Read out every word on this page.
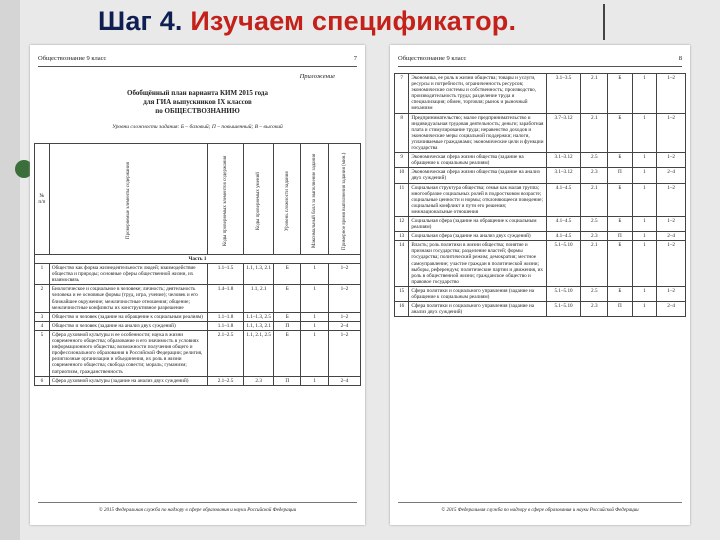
Шаг 4. Изучаем спецификатор.
Обществознание 9 класс	7
Приложение
Обобщённый план варианта КИМ 2015 года
для ГИА выпускников IX классов
по ОБЩЕСТВОЗНАНИЮ
Уровни сложности задания: Б – базовый; П – повышенный; В – высокий
№ п/п	Проверяемые элементы содержания	Коды проверяемых элементов содержания	Коды проверяемых умений	Уровень сложности задания	Максимальный балл за выполнение задания	Примерное время выполнения задания (мин.)

Часть 1						
1	Общество как форма жизнедеятельности людей; взаимодействие общества и природы; основные сферы общественной жизни, их взаимосвязь	1.1–1.5	1.1, 1.3, 2.1	Б	1	1–2
2	Биологическое и социальное в человеке; личность; деятельность человека и ее основные формы (труд, игра, учение); человек и его ближайшее окружение; межличностные отношения; общение; межличностные конфликты их конструктивное разрешение	1.4–1.8	1.1, 2.1	Б	1	1–2
3	Общество и человек (задание на обращение к социальным реалиям)	1.1–1.8	1.1–1.3, 2.5	Б	1	1–2
4	Общество и человек (задание на анализ двух суждений)	1.1–1.8	1.1, 1.3, 2.1	П	1	2–4
5	Сфера духовной культуры и ее особенности; наука в жизни современного общества; образование и его значимость в условиях информационного общества; возможности получения общего и профессионального образования в Российской Федерации; религия, религиозные организации и объединения, их роль в жизни современного общества; свобода совести; мораль; гуманизм; патриотизм, гражданственность	2.1–2.5	1.1, 2.1, 2.5	Б	1	1–2
6	Сфера духовной культуры (задание на анализ двух суждений)	2.1–2.5	2.3	П	1	2–4
© 2015 Федеральная служба по надзору в сфере образования и науки Российской Федерации
Обществознание 9 класс	8
7	Экономика, ее роль в жизни общества; товары и услуги, ресурсы и потребности, ограниченность ресурсов; экономические системы и собственность; производство, производительность труда; разделение труда и специализация; обмен, торговля; рынок и рыночный механизм	3.1–3.5	2.1	Б	1	1–2
8	Предпринимательство; малое предпринимательство и индивидуальная трудовая деятельность; деньги; заработная плата и стимулирование труда; неравенство доходов и экономические меры социальной поддержки; налоги, уплачиваемые гражданами; экономические цели и функции государства	3.7–3.12	2.1	Б	1	1–2
9	Экономическая сфера жизни общества (задание на обращение к социальным реалиям)	3.1–3.12	2.5	Б	1	1–2
10	Экономическая сфера жизни общества (задание на анализ двух суждений)	3.1–3.12	2.3	П	1	2–4
11	Социальная структура общества; семья как малая группа; многообразие социальных ролей в подростковом возрасте; социальные ценности и нормы; отклоняющееся поведение; социальный конфликт и пути его решения; межнациональные отношения	4.1–4.5	2.1	Б	1	1–2
12	Социальная сфера (задание на обращение к социальным реалиям)	4.1–4.5	2.5	Б	1	1–2
13	Социальная сфера (задание на анализ двух суждений)	4.1–4.5	2.3	П	1	2–4
14	Власть; роль политики в жизни общества; понятие и признаки государства; разделение властей; формы государства; политический режим; демократия; местное самоуправление; участие граждан в политической жизни; выборы, референдум; политические партии и движения, их роль в общественной жизни; гражданское общество и правовое государство	5.1–5.10	2.1	Б	1	1–2
15	Сфера политики и социального управления (задание на обращение к социальным реалиям)	5.1–5.10	2.5	Б	1	1–2
16	Сфера политики и социального управления (задание на анализ двух суждений)	5.1–5.10	2.3	П	1	2–4
© 2015 Федеральная служба по надзору в сфере образования и науки Российской Федерации
